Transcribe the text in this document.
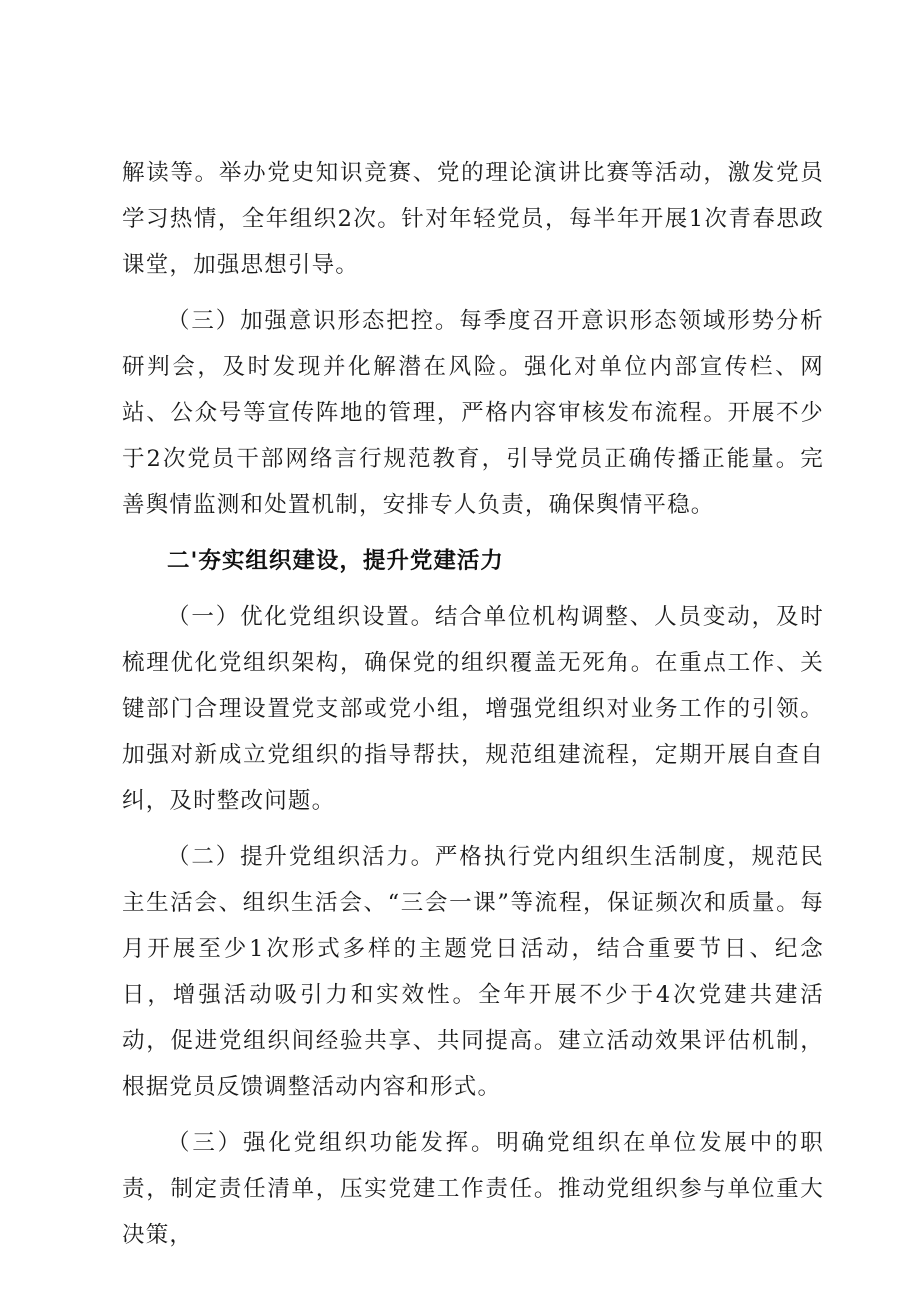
解读等。举办党史知识竞赛、党的理论演讲比赛等活动，激发党员学习热情，全年组织2次。针对年轻党员，每半年开展1次青春思政课堂，加强思想引导。

（三）加强意识形态把控。每季度召开意识形态领域形势分析研判会，及时发现并化解潜在风险。强化对单位内部宣传栏、网站、公众号等宣传阵地的管理，严格内容审核发布流程。开展不少于2次党员干部网络言行规范教育，引导党员正确传播正能量。完善舆情监测和处置机制，安排专人负责，确保舆情平稳。

二'夯实组织建设，提升党建活力

（一）优化党组织设置。结合单位机构调整、人员变动，及时梳理优化党组织架构，确保党的组织覆盖无死角。在重点工作、关键部门合理设置党支部或党小组，增强党组织对业务工作的引领。加强对新成立党组织的指导帮扶，规范组建流程，定期开展自查自纠，及时整改问题。

（二）提升党组织活力。严格执行党内组织生活制度，规范民主生活会、组织生活会、“三会一课”等流程，保证频次和质量。每月开展至少1次形式多样的主题党日活动，结合重要节日、纪念日，增强活动吸引力和实效性。全年开展不少于4次党建共建活动，促进党组织间经验共享、共同提高。建立活动效果评估机制，根据党员反馈调整活动内容和形式。

（三）强化党组织功能发挥。明确党组织在单位发展中的职责，制定责任清单，压实党建工作责任。推动党组织参与单位重大决策，
